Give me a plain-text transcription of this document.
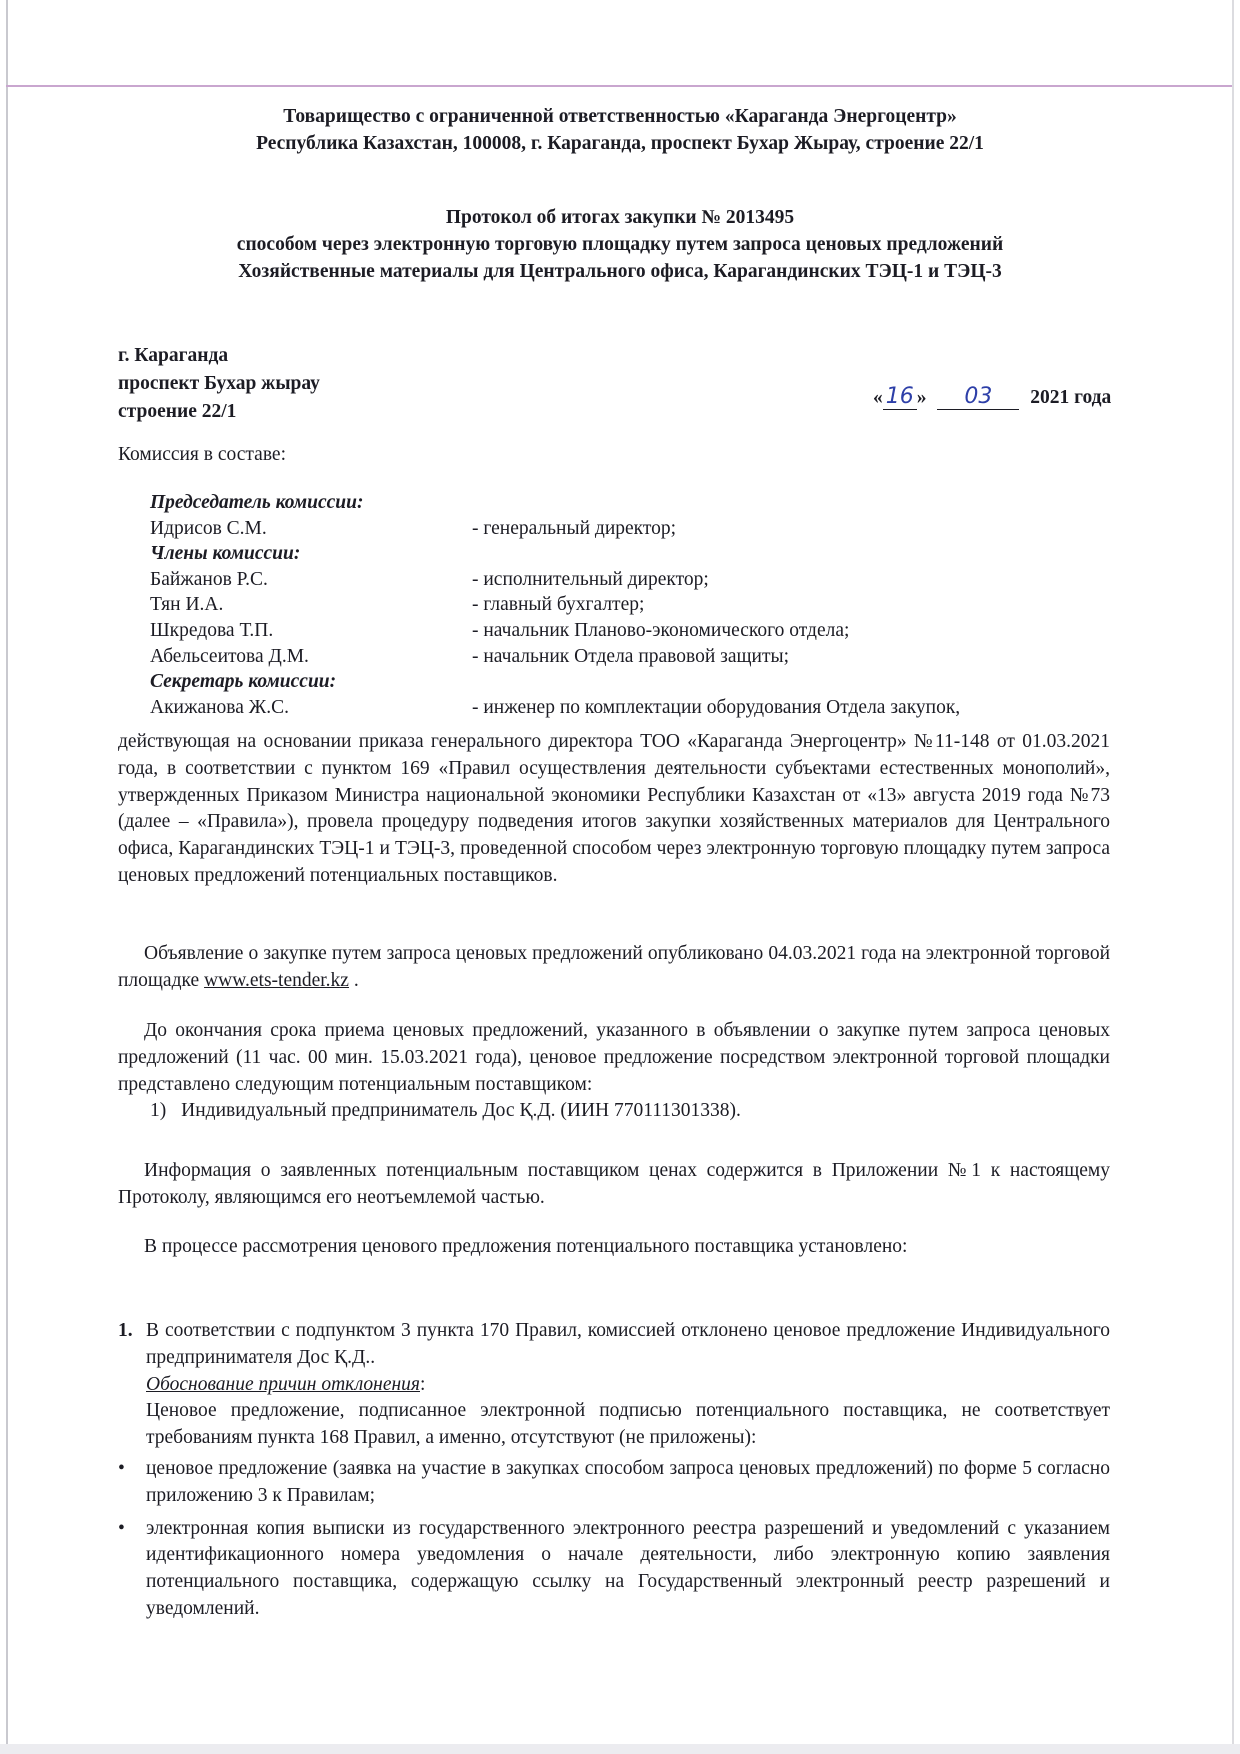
Товарищество с ограниченной ответственностью «Караганда Энергоцентр»
Республика Казахстан, 100008, г. Караганда, проспект Бухар Жырау, строение 22/1
Протокол об итогах закупки № 2013495
способом через электронную торговую площадку путем запроса ценовых предложений
Хозяйственные материалы для Центрального офиса, Карагандинских ТЭЦ-1 и ТЭЦ-3
г. Караганда
проспект Бухар жырау
строение 22/1
« 16 » 03 2021 года
Комиссия в составе:
Председатель комиссии:
Идрисов С.М.	- генеральный директор;
Члены комиссии:
Байжанов Р.С.	- исполнительный директор;
Тян И.А.	- главный бухгалтер;
Шкредова Т.П.	- начальник Планово-экономического отдела;
Абельсеитова Д.М.	- начальник Отдела правовой защиты;
Секретарь комиссии:
Акижанова Ж.С.	- инженер по комплектации оборудования Отдела закупок,
действующая на основании приказа генерального директора ТОО «Караганда Энергоцентр» №11-148 от 01.03.2021 года, в соответствии с пунктом 169 «Правил осуществления деятельности субъектами естественных монополий», утвержденных Приказом Министра национальной экономики Республики Казахстан от «13» августа 2019 года №73 (далее – «Правила»), провела процедуру подведения итогов закупки хозяйственных материалов для Центрального офиса, Карагандинских ТЭЦ-1 и ТЭЦ-3, проведенной способом через электронную торговую площадку путем запроса ценовых предложений потенциальных поставщиков.
Объявление о закупке путем запроса ценовых предложений опубликовано 04.03.2021 года на электронной торговой площадке www.ets-tender.kz .
До окончания срока приема ценовых предложений, указанного в объявлении о закупке путем запроса ценовых предложений (11 час. 00 мин. 15.03.2021 года), ценовое предложение посредством электронной торговой площадки представлено следующим потенциальным поставщиком:
1) Индивидуальный предприниматель Дос Қ.Д. (ИИН 770111301338).
Информация о заявленных потенциальным поставщиком ценах содержится в Приложении №1 к настоящему Протоколу, являющимся его неотъемлемой частью.
В процессе рассмотрения ценового предложения потенциального поставщика установлено:
1. В соответствии с подпунктом 3 пункта 170 Правил, комиссией отклонено ценовое предложение Индивидуального предпринимателя Дос Қ.Д..
Обоснование причин отклонения:
Ценовое предложение, подписанное электронной подписью потенциального поставщика, не соответствует требованиям пункта 168 Правил, а именно, отсутствуют (не приложены):
• ценовое предложение (заявка на участие в закупках способом запроса ценовых предложений) по форме 5 согласно приложению 3 к Правилам;
• электронная копия выписки из государственного электронного реестра разрешений и уведомлений с указанием идентификационного номера уведомления о начале деятельности, либо электронную копию заявления потенциального поставщика, содержащую ссылку на Государственный электронный реестр разрешений и уведомлений.
